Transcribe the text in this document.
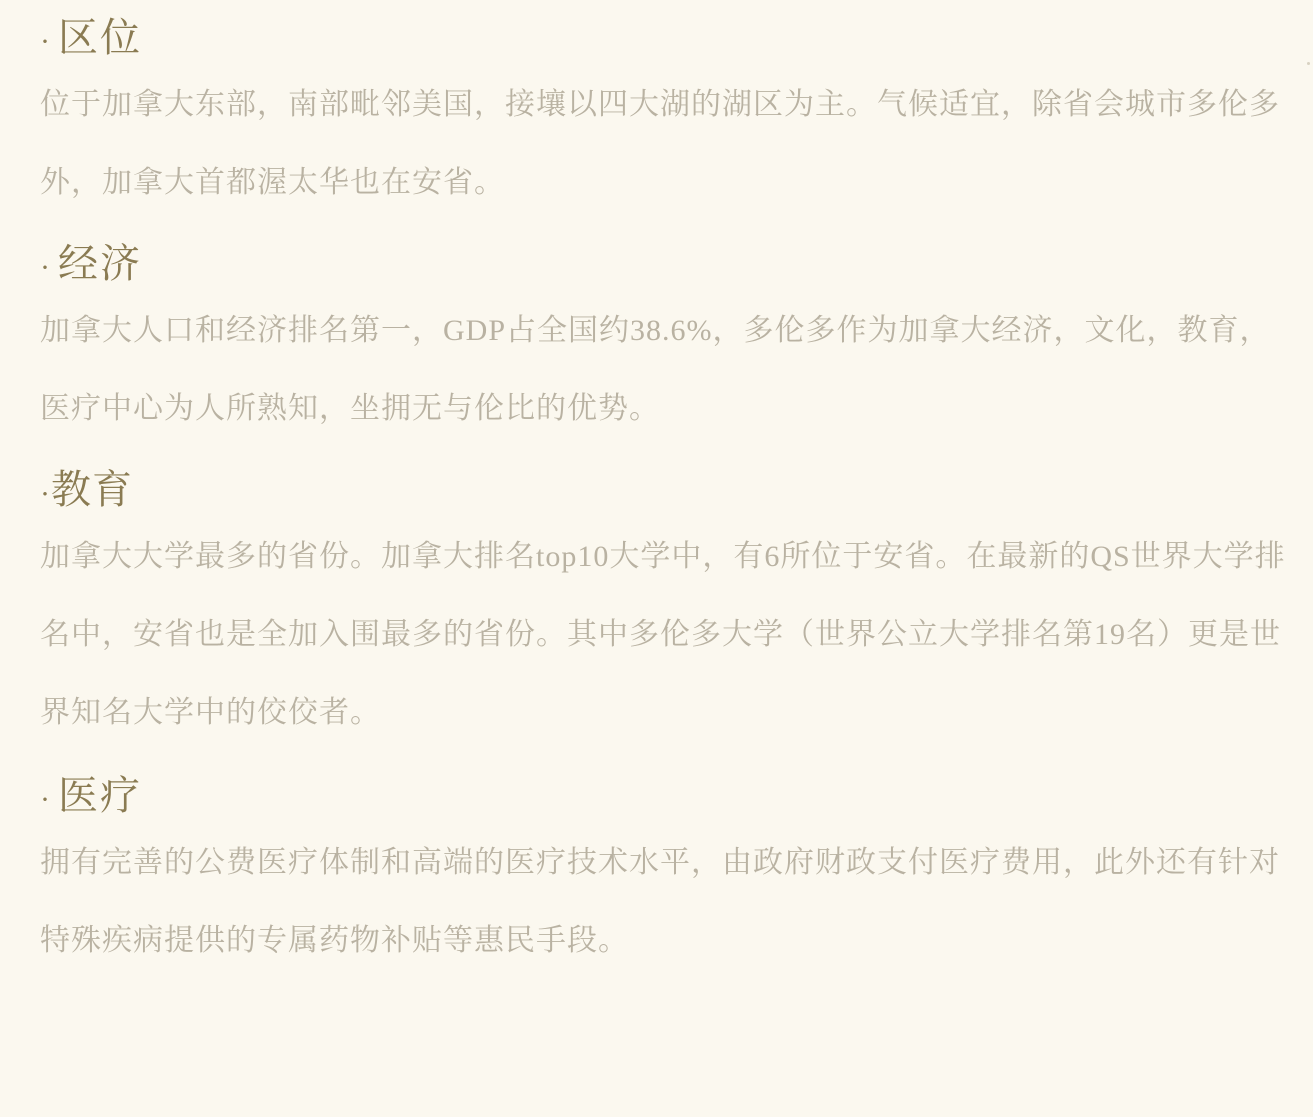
· 区位

位于加拿大东部，南部毗邻美国，接壤以四大湖的湖区为主。气候适宜，除省会城市多伦多外，加拿大首都渥太华也在安省。

· 经济

加拿大人口和经济排名第一，GDP占全国约38.6%，多伦多作为加拿大经济，文化，教育，医疗中心为人所熟知，坐拥无与伦比的优势。

·教育

加拿大大学最多的省份。加拿大排名top10大学中，有6所位于安省。在最新的QS世界大学排名中，安省也是全加入围最多的省份。其中多伦多大学（世界公立大学排名第19名）更是世界知名大学中的佼佼者。

· 医疗

拥有完善的公费医疗体制和高端的医疗技术水平，由政府财政支付医疗费用，此外还有针对特殊疾病提供的专属药物补贴等惠民手段。
